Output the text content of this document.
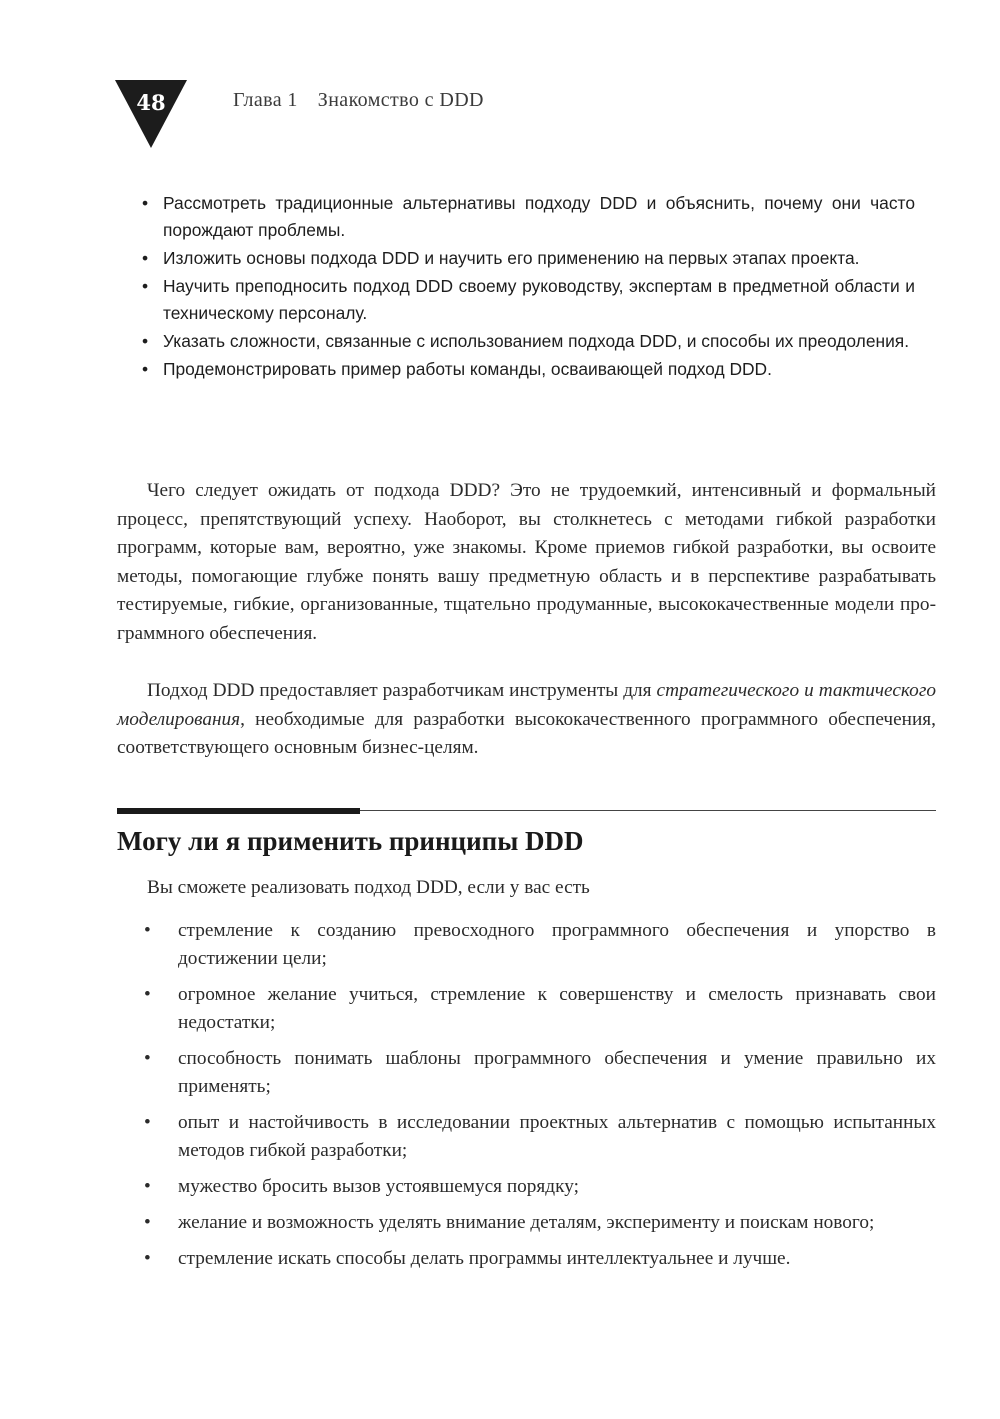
48	Глава 1 Знакомство с DDD
• Рассмотреть традиционные альтернативы подходу DDD и объяснить, почему они часто порождают проблемы.
• Изложить основы подхода DDD и научить его применению на первых этапах проекта.
• Научить преподносить подход DDD своему руководству, экспертам в предметной области и техническому персоналу.
• Указать сложности, связанные с использованием подхода DDD, и способы их преодоления.
• Продемонстрировать пример работы команды, осваивающей подход DDD.

Чего следует ожидать от подхода DDD? Это не трудоемкий, интенсивный и формальный процесс, препятствующий успеху. Наоборот, вы столкнетесь с методами гибкой разработки программ, которые вам, вероятно, уже знакомы. Кроме приемов гибкой разработки, вы освоите методы, помогающие глубже понять вашу предметную область и в перспективе разрабатывать тестируемые, гибкие, организованные, тщательно продуманные, высококачественные модели программного обеспечения.

Подход DDD предоставляет разработчикам инструменты для стратегического и тактического моделирования, необходимые для разработки высококачественного программного обеспечения, соответствующего основным бизнес-целям.

Могу ли я применить принципы DDD

Вы сможете реализовать подход DDD, если у вас есть

• стремление к созданию превосходного программного обеспечения и упорство в достижении цели;
• огромное желание учиться, стремление к совершенству и смелость признавать свои недостатки;
• способность понимать шаблоны программного обеспечения и умение правильно их применять;
• опыт и настойчивость в исследовании проектных альтернатив с помощью испытанных методов гибкой разработки;
• мужество бросить вызов устоявшемуся порядку;
• желание и возможность уделять внимание деталям, эксперименту и поискам нового;
• стремление искать способы делать программы интеллектуальнее и лучше.
